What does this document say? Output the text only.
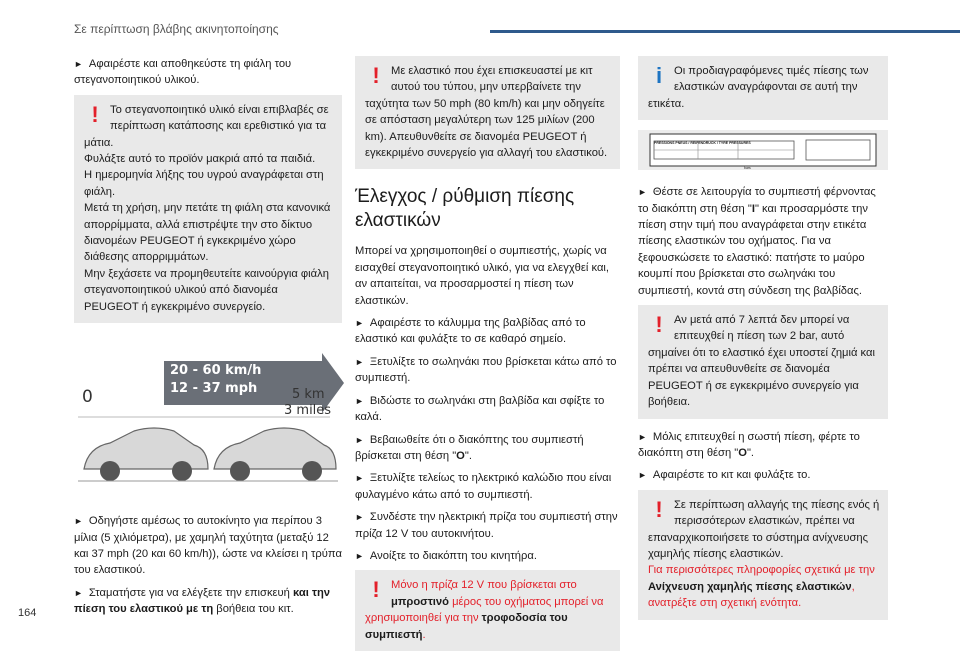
Σε περίπτωση βλάβης ακινητοποίησης

► Αφαιρέστε και αποθηκεύστε τη φιάλη του στεγανοποιητικού υλικού.

!	Το στεγανοποιητικό υλικό είναι επιβλαβές σε περίπτωση κατάποσης και ερεθιστικό για τα μάτια.
Φυλάξτε αυτό το προϊόν μακριά από τα παιδιά.
Η ημερομηνία λήξης του υγρού αναγράφεται στη φιάλη.
Μετά τη χρήση, μην πετάτε τη φιάλη στα κανονικά απορρίμματα, αλλά επιστρέψτε την στο δίκτυο διανομέων PEUGEOT ή εγκεκριμένο χώρο διάθεσης απορριμμάτων.
Μην ξεχάσετε να προμηθευτείτε καινούργια φιάλη στεγανοποιητικού υλικού από διανομέα PEUGEOT ή εγκεκριμένο συνεργείο.
20 - 60 km/h
12 - 37 mph	5 km
3 miles
0

► Οδηγήστε αμέσως το αυτοκίνητο για περίπου 3 μίλια (5 χιλιόμετρα), με χαμηλή ταχύτητα (μεταξύ 12 και 37 mph (20 και 60 km/h)), ώστε να κλείσει η τρύπα του ελαστικού.

► Σταματήστε για να ελέγξετε την επισκευή και την πίεση του ελαστικού με τη βοήθεια του κιτ.

!	Με ελαστικό που έχει επισκευαστεί με κιτ αυτού του τύπου, μην υπερβαίνετε την ταχύτητα των 50 mph (80 km/h) και μην οδηγείτε σε απόσταση μεγαλύτερη των 125 μιλίων (200 km). Απευθυνθείτε σε διανομέα PEUGEOT ή εγκεκριμένο συνεργείο για αλλαγή του ελαστικού.
Έλεγχος / ρύθμιση πίεσης ελαστικών

Μπορεί να χρησιμοποιηθεί ο συμπιεστής, χωρίς να εισαχθεί στεγανοποιητικό υλικό, για να ελεγχθεί και, αν απαιτείται, να προσαρμοστεί η πίεση των ελαστικών.

► Αφαιρέστε το κάλυμμα της βαλβίδας από το ελαστικό και φυλάξτε το σε καθαρό σημείο.

► Ξετυλίξτε το σωληνάκι που βρίσκεται κάτω από το συμπιεστή.

► Βιδώστε το σωληνάκι στη βαλβίδα και σφίξτε το καλά.

► Βεβαιωθείτε ότι ο διακόπτης του συμπιεστή βρίσκεται στη θέση "O".

► Ξετυλίξτε τελείως το ηλεκτρικό καλώδιο που είναι φυλαγμένο κάτω από το συμπιεστή.

► Συνδέστε την ηλεκτρική πρίζα του συμπιεστή στην πρίζα 12 V του αυτοκινήτου.

► Ανοίξτε το διακόπτη του κινητήρα.

!	Μόνο η πρίζα 12 V που βρίσκεται στο μπροστινό μέρος του οχήματος μπορεί να χρησιμοποιηθεί για την τροφοδοσία του συμπιεστή.
i	Οι προδιαγραφόμενες τιμές πίεσης των ελαστικών αναγράφονται σε αυτή την ετικέτα.
PRESSIONS PNEUS / REIFENDRUCK / TYRE PRESSURES
bars

► Θέστε σε λειτουργία το συμπιεστή φέρνοντας το διακόπτη στη θέση "I" και προσαρμόστε την πίεση στην τιμή που αναγράφεται στην ετικέτα πίεσης ελαστικών του οχήματος. Για να ξεφουσκώσετε το ελαστικό: πατήστε το μαύρο κουμπί που βρίσκεται στο σωληνάκι του συμπιεστή, κοντά στη σύνδεση της βαλβίδας.

!	Αν μετά από 7 λεπτά δεν μπορεί να επιτευχθεί η πίεση των 2 bar, αυτό σημαίνει ότι το ελαστικό έχει υποστεί ζημιά και πρέπει να απευθυνθείτε σε διανομέα PEUGEOT ή σε εγκεκριμένο συνεργείο για βοήθεια.

► Μόλις επιτευχθεί η σωστή πίεση, φέρτε το διακόπτη στη θέση "O".

► Αφαιρέστε το κιτ και φυλάξτε το.

!	Σε περίπτωση αλλαγής της πίεσης ενός ή περισσότερων ελαστικών, πρέπει να επαναρχικοποιήσετε το σύστημα ανίχνευσης χαμηλής πίεσης ελαστικών.
Για περισσότερες πληροφορίες σχετικά με την Ανίχνευση χαμηλής πίεσης ελαστικών, ανατρέξτε στη σχετική ενότητα.
164
